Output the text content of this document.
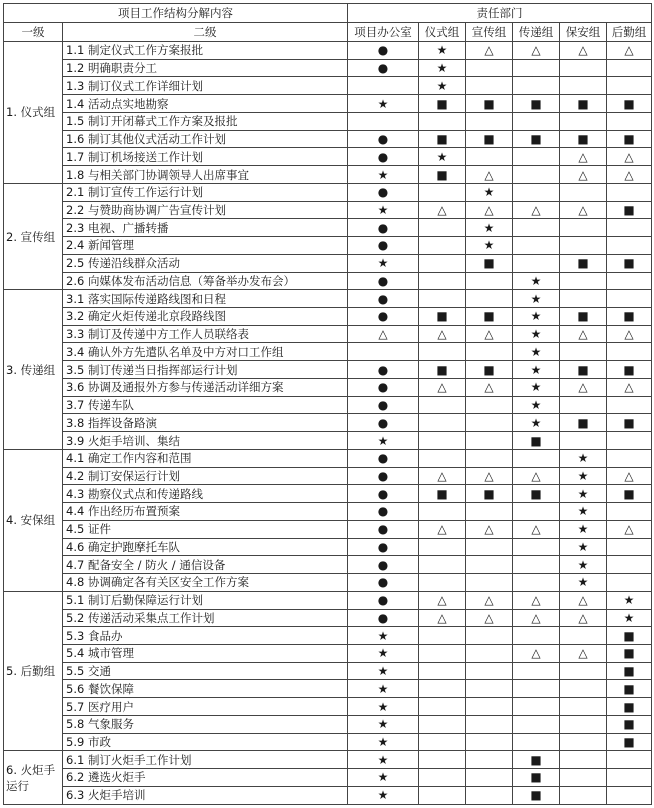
项目工作结构分解内容		责任部门					
一级	二级	项目办公室	仪式组	宣传组	传递组	保安组	后勤组
1. 仪式组	1.1 制定仪式工作方案报批	●	★	△	△	△	△
	1.2 明确职责分工	●	★				
	1.3 制订仪式工作详细计划		★				
	1.4 活动点实地勘察	★	■	■	■	■	■
	1.5 制订开闭幕式工作方案及报批						
	1.6 制订其他仪式活动工作计划	●	■	■	■	■	■
	1.7 制订机场接送工作计划	●	★			△	△
	1.8 与相关部门协调领导人出席事宜	★	■	△		△	△
2. 宣传组	2.1 制订宣传工作运行计划	●		★			
	2.2 与赞助商协调广告宣传计划	★	△	△	△	△	■
	2.3 电视、广播转播	●		★			
	2.4 新闻管理	●		★			
	2.5 传递沿线群众活动	★		■		■	■
	2.6 向媒体发布活动信息（筹备举办发布会）	●			★		
3. 传递组	3.1 落实国际传递路线图和日程	●			★		
	3.2 确定火炬传递北京段路线图	●	■	■	★	■	■
	3.3 制订及传递中方工作人员联络表	△	△	△	★	△	△
	3.4 确认外方先遣队名单及中方对口工作组				★		
	3.5 制订传递当日指挥部运行计划	●	■	■	★	■	■
	3.6 协调及通报外方参与传递活动详细方案	●	△	△	★	△	△
	3.7 传递车队	●			★		
	3.8 指挥设备路演	●			★	■	■
	3.9 火炬手培训、集结	★			■		
4. 安保组	4.1 确定工作内容和范围	●				★	
	4.2 制订安保运行计划	●	△	△	△	★	△
	4.3 勘察仪式点和传递路线	●	■	■	■	★	■
	4.4 作出经历布置预案	●				★	
	4.5 证件	●	△	△	△	★	△
	4.6 确定护跑摩托车队	●				★	
	4.7 配备安全 / 防火 / 通信设备	●				★	
	4.8 协调确定各有关区安全工作方案	●				★	
5. 后勤组	5.1 制订后勤保障运行计划	●	△	△	△	△	★
	5.2 传递活动采集点工作计划	●	△	△	△	△	★
	5.3 食品办	★					■
	5.4 城市管理	★			△	△	■
	5.5 交通	★					■
	5.6 餐饮保障	★					■
	5.7 医疗用户	★					■
	5.8 气象服务	★					■
	5.9 市政	★					■
6. 火炬手运行	6.1 制订火炬手工作计划	★			■		
	6.2 遴选火炬手	★			■		
	6.3 火炬手培训	★			■		
